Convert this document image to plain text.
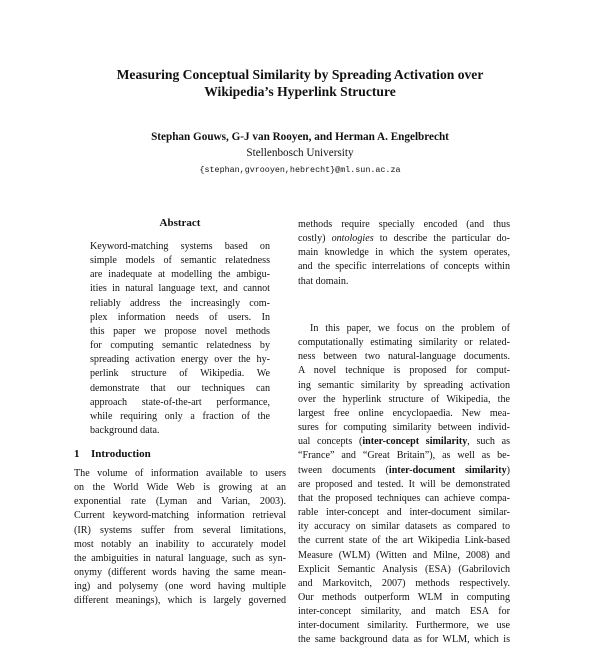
Measuring Conceptual Similarity by Spreading Activation over
Wikipedia’s Hyperlink Structure
Stephan Gouws, G-J van Rooyen, and Herman A. Engelbrecht
Stellenbosch University
{stephan,gvrooyen,hebrecht}@ml.sun.ac.za
Abstract
Keyword-matching systems based on
simple models of semantic relatedness
are inadequate at modelling the ambigu-
ities in natural language text, and cannot
reliably address the increasingly com-
plex information needs of users. In
this paper we propose novel methods
for computing semantic relatedness by
spreading activation energy over the hy-
perlink structure of Wikipedia. We
demonstrate that our techniques can
approach state-of-the-art performance,
while requiring only a fraction of the
background data.
1 Introduction
The volume of information available to users
on the World Wide Web is growing at an
exponential rate (Lyman and Varian, 2003).
Current keyword-matching information retrieval
(IR) systems suffer from several limitations,
most notably an inability to accurately model
the ambiguities in natural language, such as syn-
onymy (different words having the same mean-
ing) and polysemy (one word having multiple
different meanings), which is largely governed
methods require specially encoded (and thus
costly) ontologies to describe the particular do-
main knowledge in which the system operates,
and the specific interrelations of concepts within
that domain.
In this paper, we focus on the problem of
computationally estimating similarity or related-
ness between two natural-language documents.
A novel technique is proposed for comput-
ing semantic similarity by spreading activation
over the hyperlink structure of Wikipedia, the
largest free online encyclopaedia. New mea-
sures for computing similarity between individ-
ual concepts (inter-concept similarity, such as
“France” and “Great Britain”), as well as be-
tween documents (inter-document similarity)
are proposed and tested. It will be demonstrated
that the proposed techniques can achieve compa-
rable inter-concept and inter-document similar-
ity accuracy on similar datasets as compared to
the current state of the art Wikipedia Link-based
Measure (WLM) (Witten and Milne, 2008) and
Explicit Semantic Analysis (ESA) (Gabrilovich
and Markovitch, 2007) methods respectively.
Our methods outperform WLM in computing
inter-concept similarity, and match ESA for
inter-document similarity. Furthermore, we use
the same background data as for WLM, which is
